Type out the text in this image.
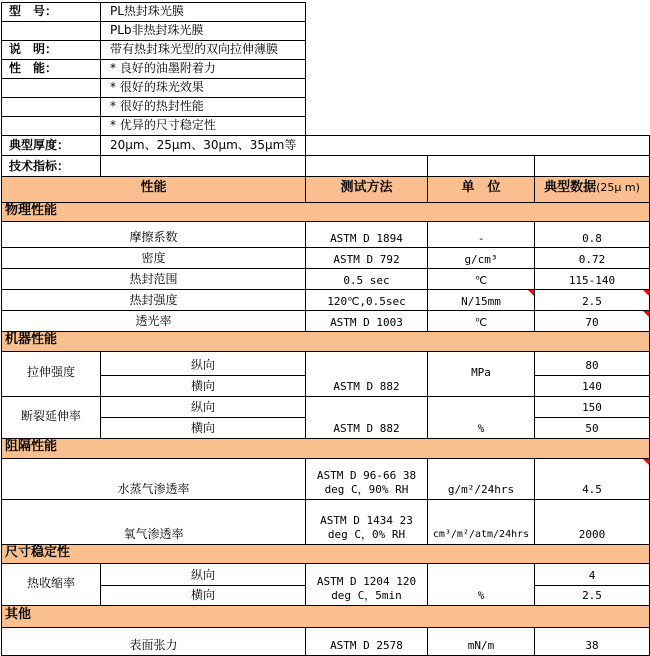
型　号：	PL热封珠光膜			
	PLb非热封珠光膜			
说　明：	带有热封珠光型的双向拉伸薄膜			
性　能：	* 良好的油墨附着力			
	* 很好的珠光效果			
	* 很好的热封性能			
	* 优异的尺寸稳定性			
典型厚度：	20μm、25μm、30μm、35μm等			
技术指标：				
性能		测试方法	单　位	典型数据(25μ m)
物理性能				
摩擦系数		ASTM D 1894	-	0.8
密度		ASTM D 792	g/cm³	0.72
热封范围		0.5 sec	℃	115-140
热封强度		120℃,0.5sec	N/15mm	2.5

透光率		ASTM D 1003	℃	70

机器性能				
拉伸强度	纵向	ASTM D 882	MPa	80
	横向			140
断裂延伸率	纵向	ASTM D 882	%	150
	横向			50
阻隔性能				
水蒸气渗透率		ASTM D 96-66 38 deg C，90% RH	g/m²/24hrs	4.5

氧气渗透率		ASTM D 1434 23 deg C，0% RH	cm³/m²/atm/24hrs	2000
尺寸稳定性				
热收缩率	纵向	ASTM D 1204 120 deg C，5min	%	4
	横向			2.5
其他				
表面张力		ASTM D 2578	mN/m	38
